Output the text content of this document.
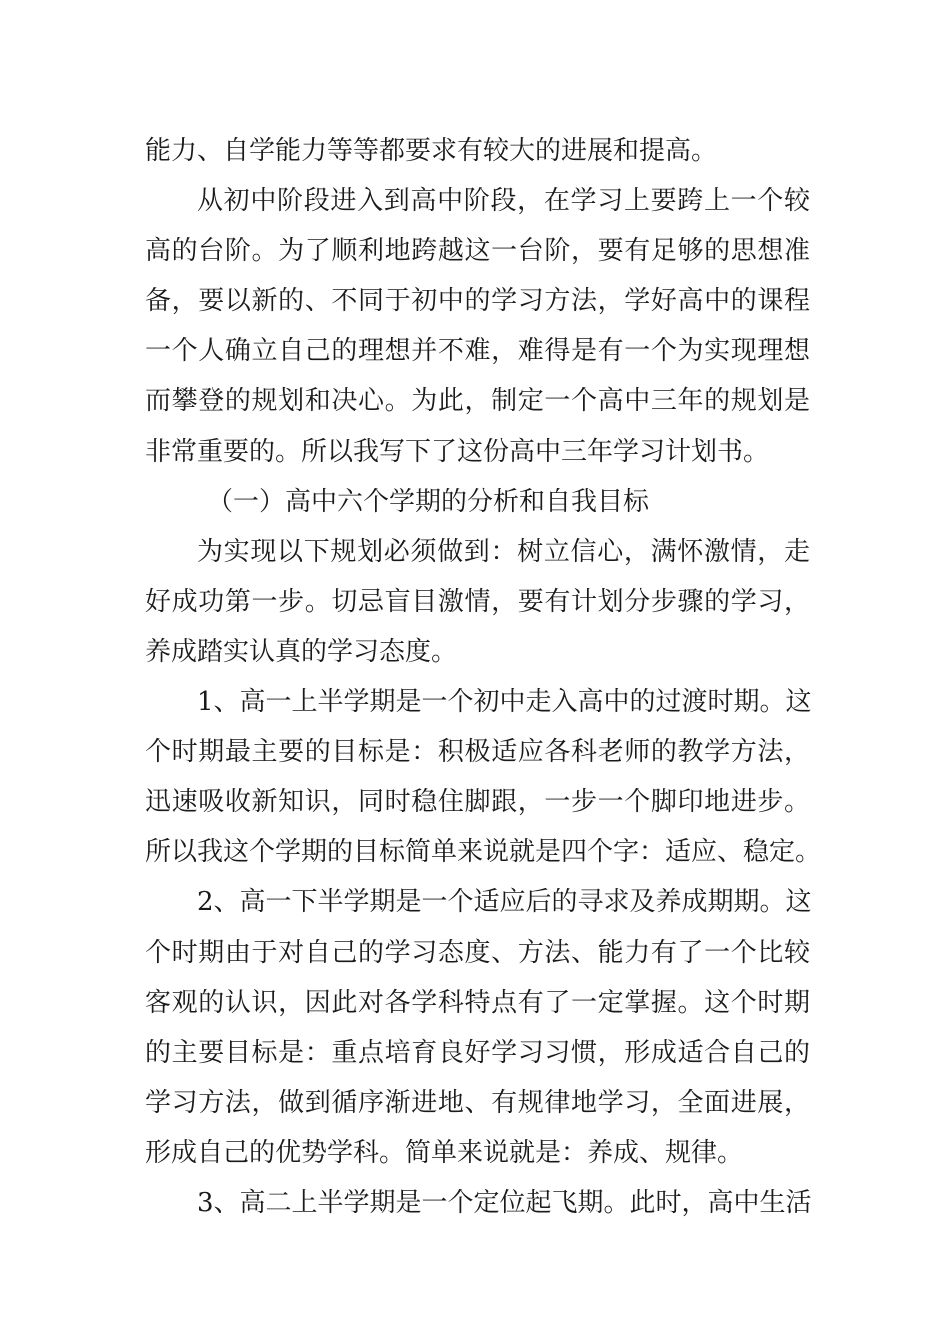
能力、自学能力等等都要求有较大的进展和提高。
从初中阶段进入到高中阶段，在学习上要跨上一个较
高的台阶。为了顺利地跨越这一台阶，要有足够的思想准
备，要以新的、不同于初中的学习方法，学好高中的课程
一个人确立自己的理想并不难，难得是有一个为实现理想
而攀登的规划和决心。为此，制定一个高中三年的规划是
非常重要的。所以我写下了这份高中三年学习计划书。
（一）高中六个学期的分析和自我目标
为实现以下规划必须做到：树立信心，满怀激情，走
好成功第一步。切忌盲目激情，要有计划分步骤的学习，
养成踏实认真的学习态度。
1、高一上半学期是一个初中走入高中的过渡时期。这
个时期最主要的目标是：积极适应各科老师的教学方法，
迅速吸收新知识，同时稳住脚跟，一步一个脚印地进步。
所以我这个学期的目标简单来说就是四个字：适应、稳定。
2、高一下半学期是一个适应后的寻求及养成期期。这
个时期由于对自己的学习态度、方法、能力有了一个比较
客观的认识，因此对各学科特点有了一定掌握。这个时期
的主要目标是：重点培育良好学习习惯，形成适合自己的
学习方法，做到循序渐进地、有规律地学习，全面进展，
形成自己的优势学科。简单来说就是：养成、规律。
3、高二上半学期是一个定位起飞期。此时，高中生活
